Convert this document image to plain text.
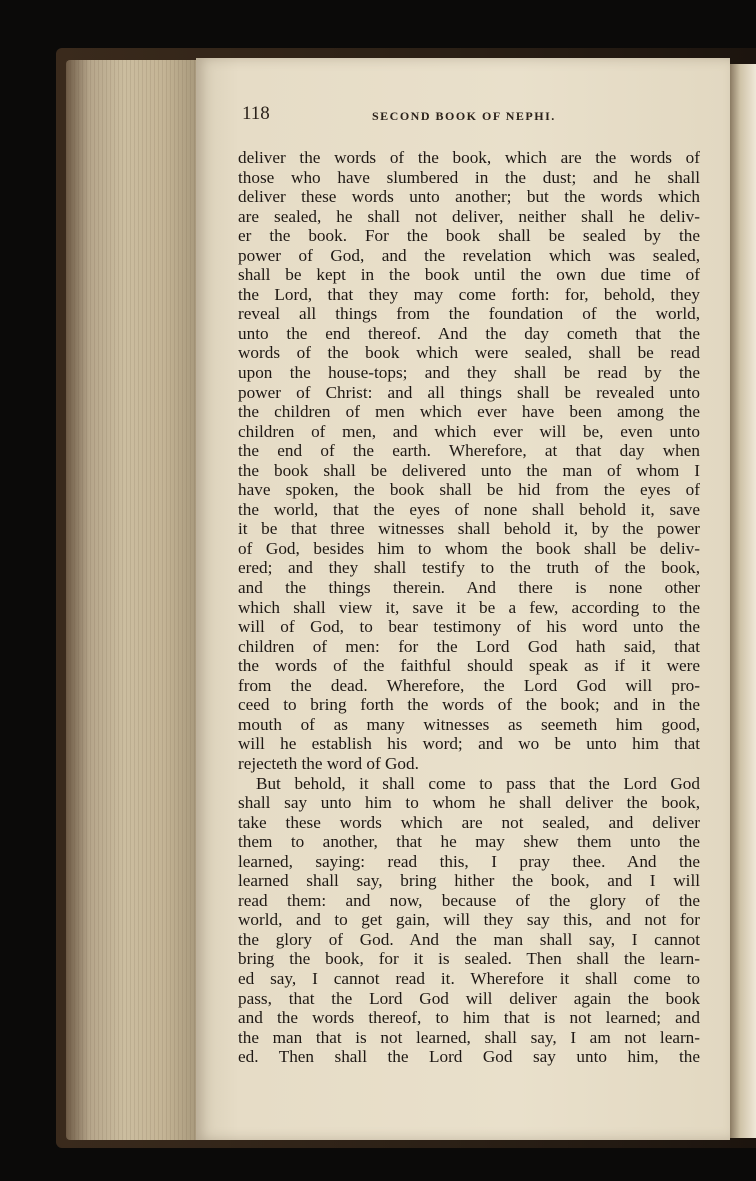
118	SECOND BOOK OF NEPHI.
deliver the words of the book, which are the words of
those who have slumbered in the dust; and he shall
deliver these words unto another; but the words which
are sealed, he shall not deliver, neither shall he deliv-
er the book. For the book shall be sealed by the
power of God, and the revelation which was sealed,
shall be kept in the book until the own due time of
the Lord, that they may come forth: for, behold, they
reveal all things from the foundation of the world,
unto the end thereof. And the day cometh that the
words of the book which were sealed, shall be read
upon the house-tops; and they shall be read by the
power of Christ: and all things shall be revealed unto
the children of men which ever have been among the
children of men, and which ever will be, even unto
the end of the earth. Wherefore, at that day when
the book shall be delivered unto the man of whom I
have spoken, the book shall be hid from the eyes of
the world, that the eyes of none shall behold it, save
it be that three witnesses shall behold it, by the power
of God, besides him to whom the book shall be deliv-
ered; and they shall testify to the truth of the book,
and the things therein. And there is none other
which shall view it, save it be a few, according to the
will of God, to bear testimony of his word unto the
children of men: for the Lord God hath said, that
the words of the faithful should speak as if it were
from the dead. Wherefore, the Lord God will pro-
ceed to bring forth the words of the book; and in the
mouth of as many witnesses as seemeth him good,
will he establish his word; and wo be unto him that
rejecteth the word of God.
But behold, it shall come to pass that the Lord God
shall say unto him to whom he shall deliver the book,
take these words which are not sealed, and deliver
them to another, that he may shew them unto the
learned, saying: read this, I pray thee. And the
learned shall say, bring hither the book, and I will
read them: and now, because of the glory of the
world, and to get gain, will they say this, and not for
the glory of God. And the man shall say, I cannot
bring the book, for it is sealed. Then shall the learn-
ed say, I cannot read it. Wherefore it shall come to
pass, that the Lord God will deliver again the book
and the words thereof, to him that is not learned; and
the man that is not learned, shall say, I am not learn-
ed. Then shall the Lord God say unto him, the
